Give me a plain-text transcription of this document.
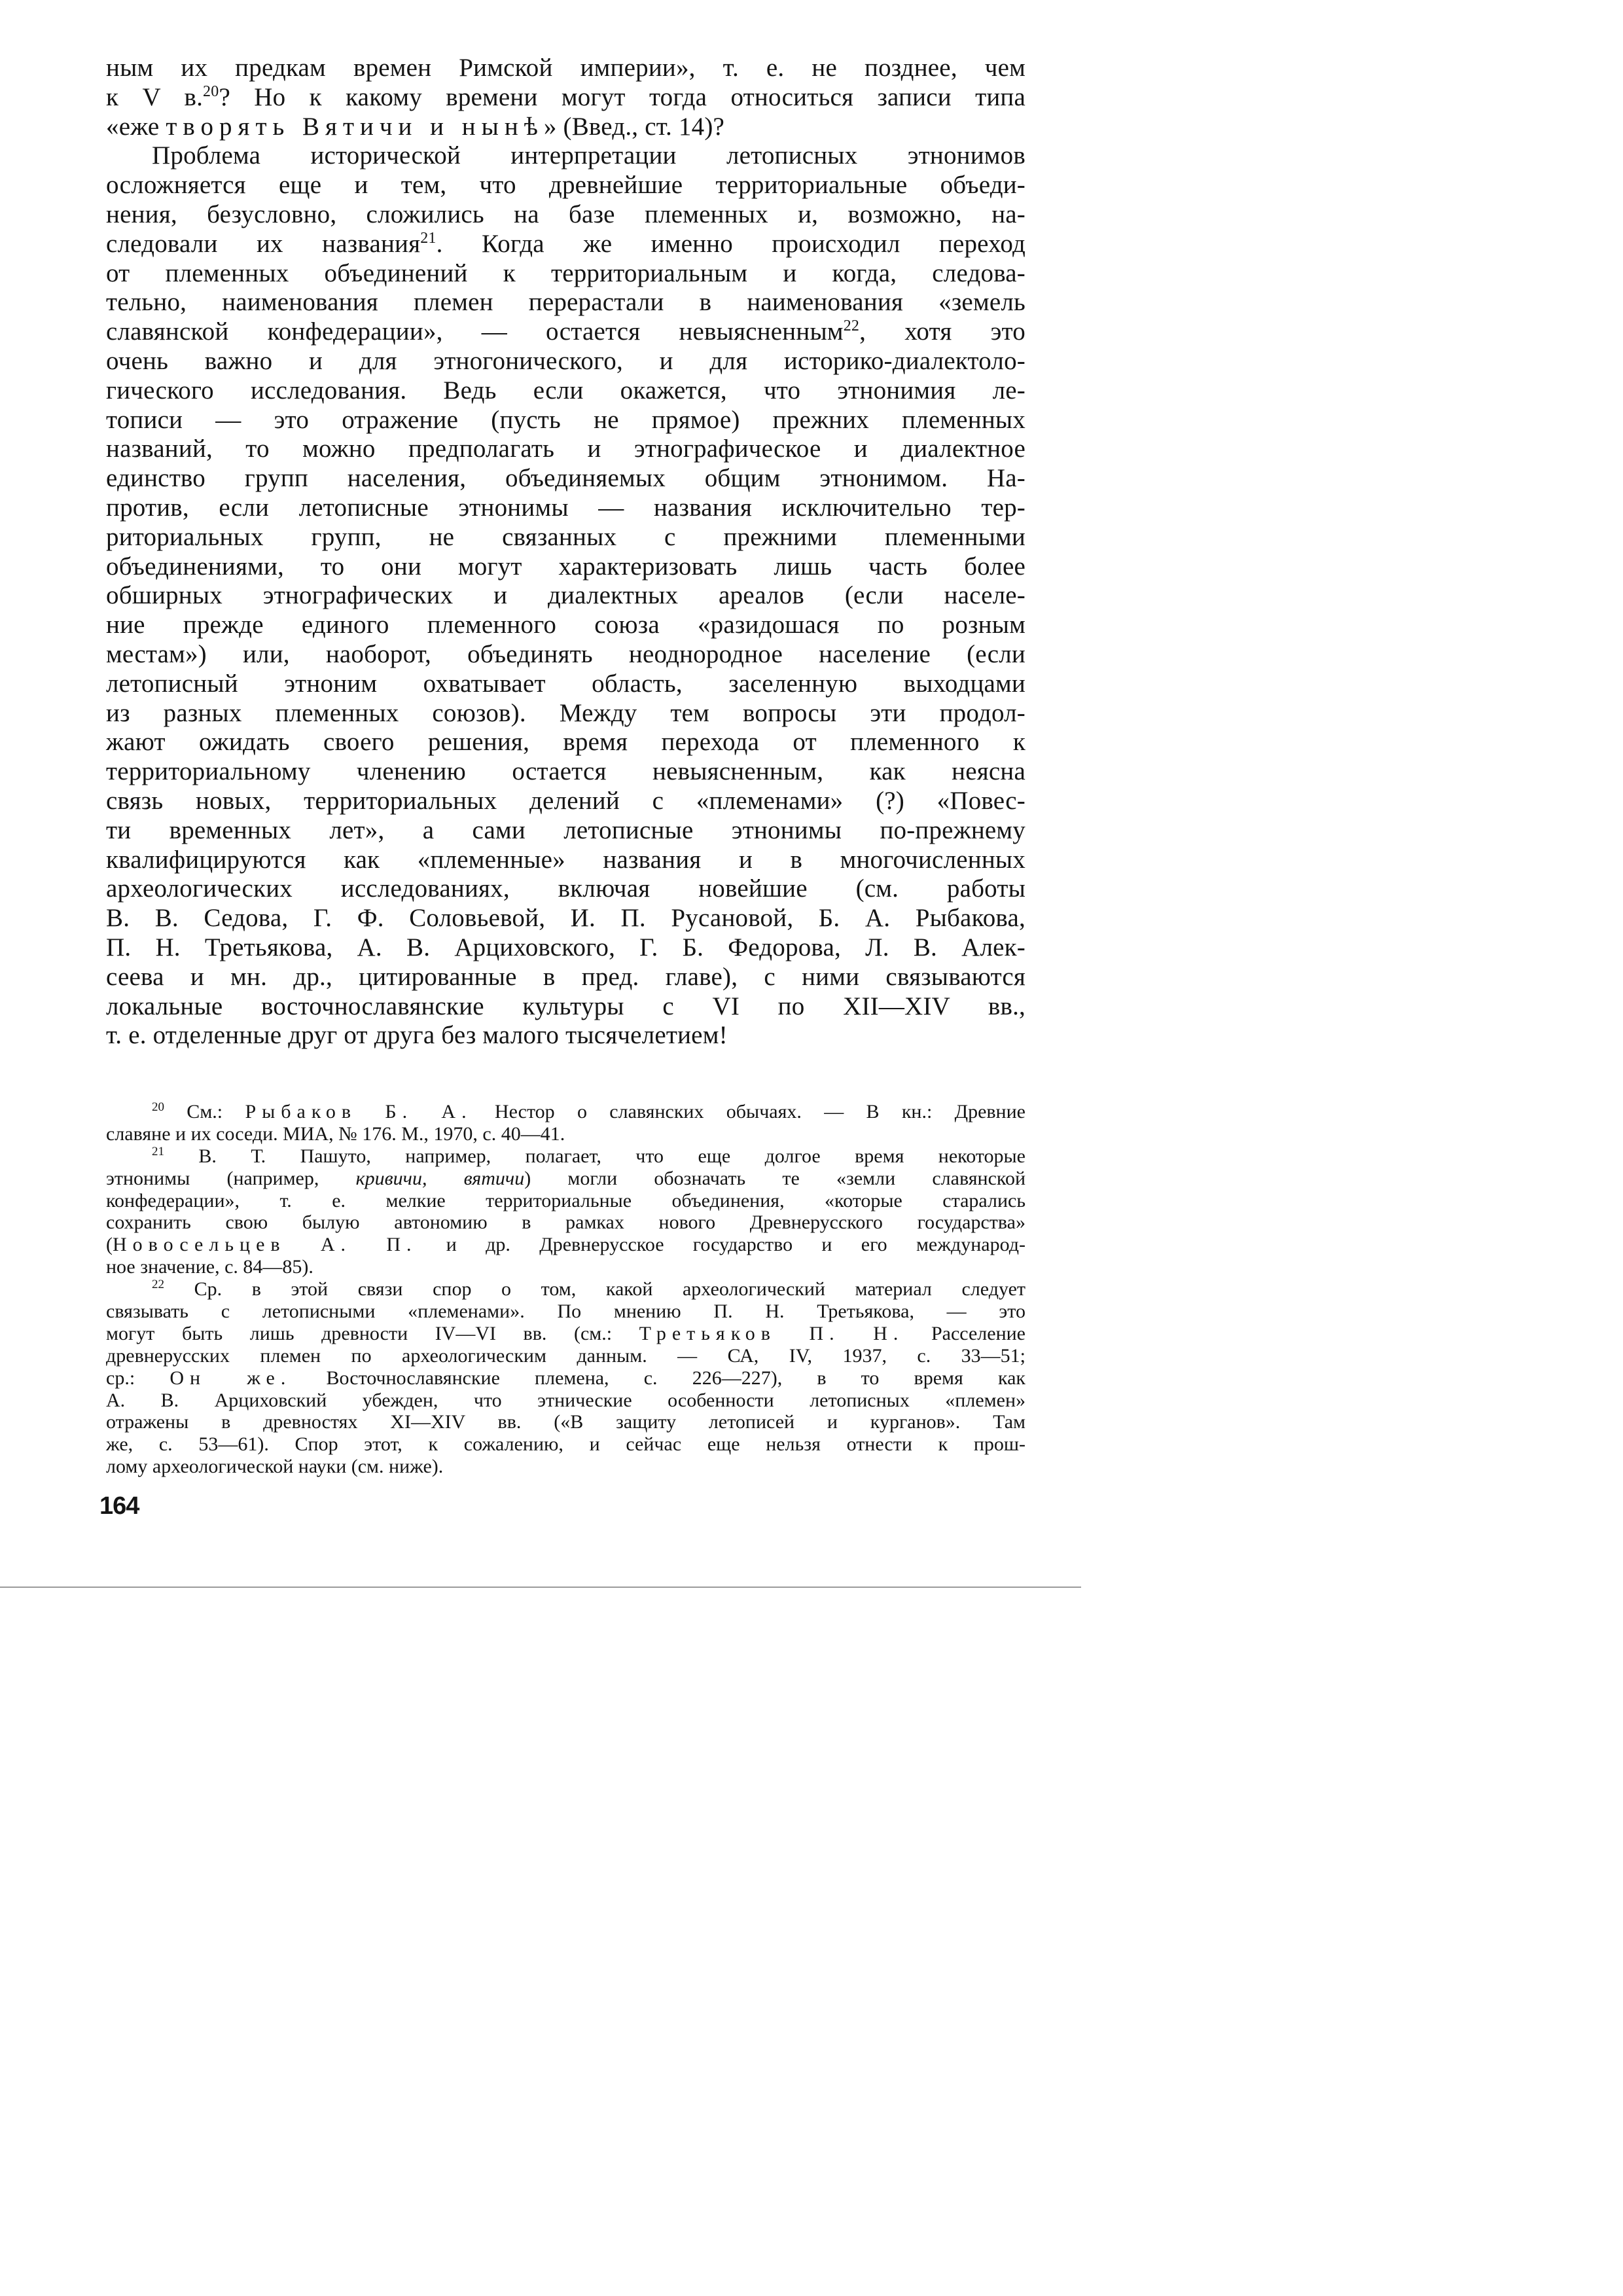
ным их предкам времен Римской империи», т. е. не позднее, чем
к V в.$^{20}$? Но к какому времени могут тогда относиться записи типа
«еже творять Вятичи и нынѣ» (Введ., ст. 14)?
Проблема исторической интерпретации летописных этнонимов
осложняется еще и тем, что древнейшие территориальные объеди-
нения, безусловно, сложились на базе племенных и, возможно, на-
следовали их названия$^{21}$. Когда же именно происходил переход
от племенных объединений к территориальным и когда, следова-
тельно, наименования племен перерастали в наименования «земель
славянской конфедерации», — остается невыясненным$^{22}$, хотя это
очень важно и для этногонического, и для историко-диалектоло-
гического исследования. Ведь если окажется, что этнонимия ле-
тописи — это отражение (пусть не прямое) прежних племенных
названий, то можно предполагать и этнографическое и диалектное
единство групп населения, объединяемых общим этнонимом. На-
против, если летописные этнонимы — названия исключительно тер-
риториальных групп, не связанных с прежними племенными
объединениями, то они могут характеризовать лишь часть более
обширных этнографических и диалектных ареалов (если населе-
ние прежде единого племенного союза «разидошася по розным
местам») или, наоборот, объединять неоднородное население (если
летописный этноним охватывает область, заселенную выходцами
из разных племенных союзов). Между тем вопросы эти продол-
жают ожидать своего решения, время перехода от племенного к
территориальному членению остается невыясненным, как неясна
связь новых, территориальных делений с «племенами» (?) «Повес-
ти временных лет», а сами летописные этнонимы по-прежнему
квалифицируются как «племенные» названия и в многочисленных
археологических исследованиях, включая новейшие (см. работы
В. В. Седова, Г. Ф. Соловьевой, И. П. Русановой, Б. А. Рыбакова,
П. Н. Третьякова, А. В. Арциховского, Г. Б. Федорова, Л. В. Алек-
сеева и мн. др., цитированные в пред. главе), с ними связываются
локальные восточнославянские культуры с VI по XII—XIV вв.,
т. е. отделенные друг от друга без малого тысячелетием!
$^{20}$ См.: Рыбаков Б. А. Нестор о славянских обычаях. — В кн.: Древние
славяне и их соседи. МИА, № 176. М., 1970, с. 40—41.
$^{21}$ В. Т. Пашуто, например, полагает, что еще долгое время некоторые
этнонимы (например, кривичи, вятичи) могли обозначать те «земли славянской
конфедерации», т. е. мелкие территориальные объединения, «которые старались
сохранить свою былую автономию в рамках нового Древнерусского государства»
(Новосельцев А. П. и др. Древнерусское государство и его международ-
ное значение, с. 84—85).
$^{22}$ Ср. в этой связи спор о том, какой археологический материал следует
связывать с летописными «племенами». По мнению П. Н. Третьякова, — это
могут быть лишь древности IV—VI вв. (см.: Третьяков П. Н. Расселение
древнерусских племен по археологическим данным. — СА, IV, 1937, с. 33—51;
ср.: Он же. Восточнославянские племена, с. 226—227), в то время как
А. В. Арциховский убежден, что этнические особенности летописных «племен»
отражены в древностях XI—XIV вв. («В защиту летописей и курганов». Там
же, с. 53—61). Спор этот, к сожалению, и сейчас еще нельзя отнести к прош-
лому археологической науки (см. ниже).
164
